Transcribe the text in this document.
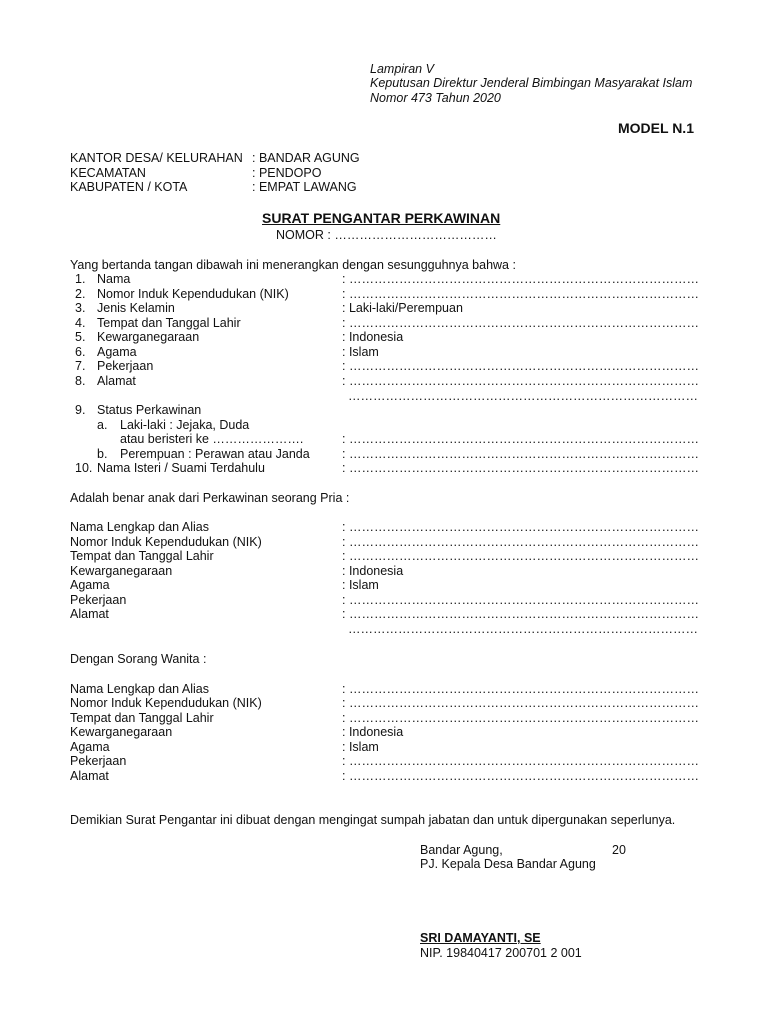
Lampiran V
Keputusan Direktur Jenderal Bimbingan Masyarakat Islam
Nomor 473 Tahun 2020
MODEL N.1
KANTOR DESA/ KELURAHAN : BANDAR AGUNG
KECAMATAN	: PENDOPO
KABUPATEN / KOTA	: EMPAT LAWANG
SURAT PENGANTAR PERKAWINAN
NOMOR : …………………………………
Yang bertanda tangan dibawah ini menerangkan dengan sesungguhnya bahwa :
1. Nama	: …………………………………………………………………………
2. Nomor Induk Kependudukan (NIK)	: …………………………………………………………………………
3. Jenis Kelamin	: Laki-laki/Perempuan
4. Tempat dan Tanggal Lahir	: …………………………………………………………………………
5. Kewarganegaraan	: Indonesia
6. Agama	: Islam
7. Pekerjaan	: …………………………………………………………………………
8. Alamat	: …………………………………………………………………………
…………………………………………………………………………
9. Status Perkawinan
a. Laki-laki : Jejaka, Duda
atau beristeri ke ………………….	: …………………………………………………………………………
b. Perempuan : Perawan atau Janda	: …………………………………………………………………………
10. Nama Isteri / Suami Terdahulu	: …………………………………………………………………………
Adalah benar anak dari Perkawinan seorang Pria :
Nama Lengkap dan Alias	: …………………………………………………………………………
Nomor Induk Kependudukan (NIK)	: …………………………………………………………………………
Tempat dan Tanggal Lahir	: …………………………………………………………………………
Kewarganegaraan	: Indonesia
Agama	: Islam
Pekerjaan	: …………………………………………………………………………
Alamat	: …………………………………………………………………………
…………………………………………………………………………
Dengan Sorang Wanita :
Nama Lengkap dan Alias	: …………………………………………………………………………
Nomor Induk Kependudukan (NIK)	: …………………………………………………………………………
Tempat dan Tanggal Lahir	: …………………………………………………………………………
Kewarganegaraan	: Indonesia
Agama	: Islam
Pekerjaan	: …………………………………………………………………………
Alamat	: …………………………………………………………………………
Demikian Surat Pengantar ini dibuat dengan mengingat sumpah jabatan dan untuk dipergunakan seperlunya.
Bandar Agung,	20
PJ. Kepala Desa Bandar Agung
SRI DAMAYANTI, SE
NIP. 19840417 200701 2 001
